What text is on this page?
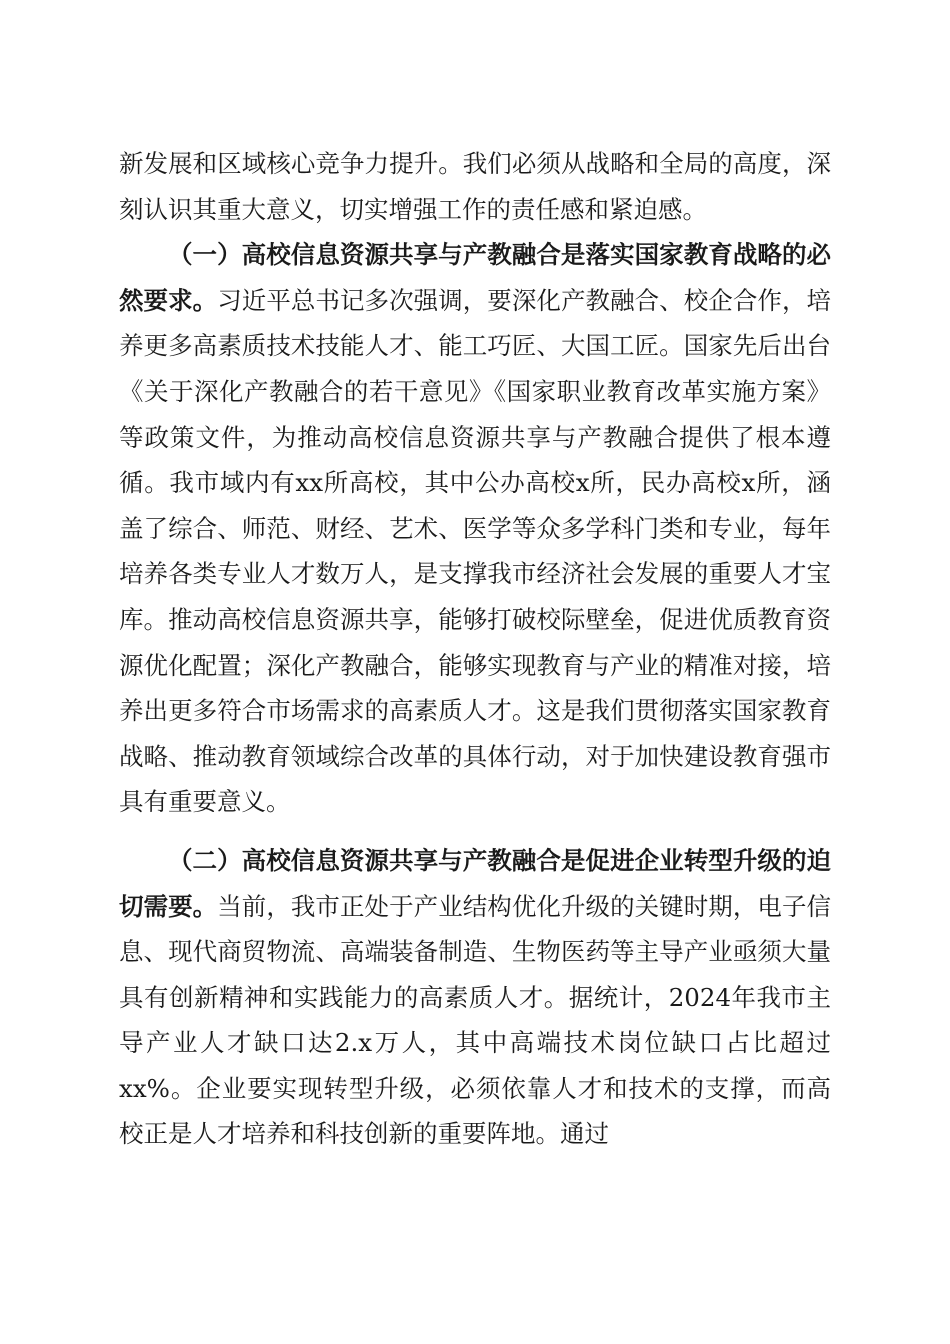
新发展和区域核心竞争力提升。我们必须从战略和全局的高度，深刻认识其重大意义，切实增强工作的责任感和紧迫感。

（一）高校信息资源共享与产教融合是落实国家教育战略的必然要求。习近平总书记多次强调，要深化产教融合、校企合作，培养更多高素质技术技能人才、能工巧匠、大国工匠。国家先后出台《关于深化产教融合的若干意见》《国家职业教育改革实施方案》等政策文件，为推动高校信息资源共享与产教融合提供了根本遵循。我市域内有xx所高校，其中公办高校x所，民办高校x所，涵盖了综合、师范、财经、艺术、医学等众多学科门类和专业，每年培养各类专业人才数万人，是支撑我市经济社会发展的重要人才宝库。推动高校信息资源共享，能够打破校际壁垒，促进优质教育资源优化配置；深化产教融合，能够实现教育与产业的精准对接，培养出更多符合市场需求的高素质人才。这是我们贯彻落实国家教育战略、推动教育领域综合改革的具体行动，对于加快建设教育强市具有重要意义。

（二）高校信息资源共享与产教融合是促进企业转型升级的迫切需要。当前，我市正处于产业结构优化升级的关键时期，电子信息、现代商贸物流、高端装备制造、生物医药等主导产业亟须大量具有创新精神和实践能力的高素质人才。据统计，2024年我市主导产业人才缺口达2.x万人，其中高端技术岗位缺口占比超过xx%。企业要实现转型升级，必须依靠人才和技术的支撑，而高校正是人才培养和科技创新的重要阵地。通过
